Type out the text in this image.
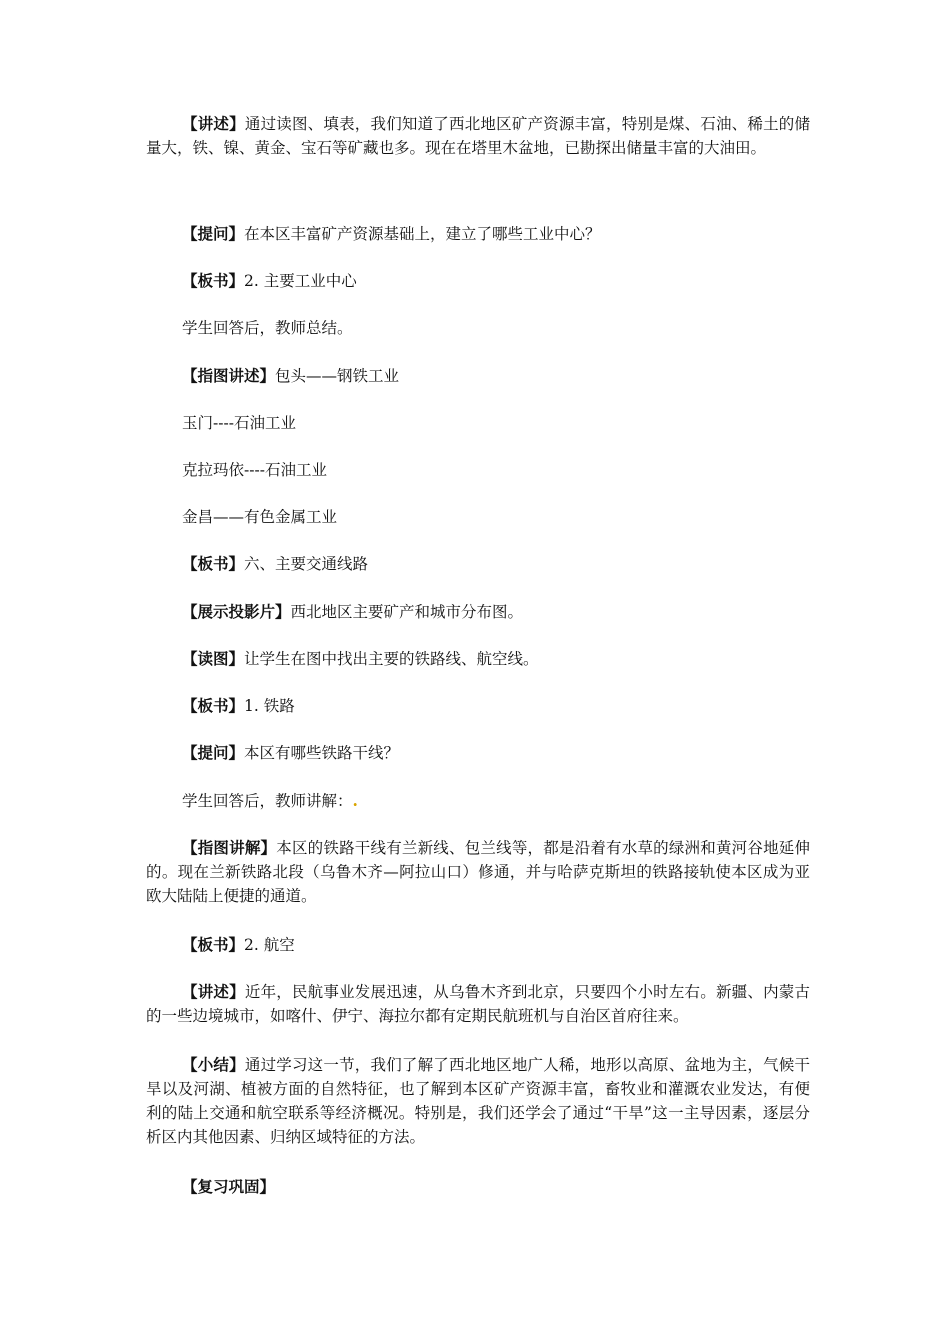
【讲述】通过读图、填表，我们知道了西北地区矿产资源丰富，特别是煤、石油、稀土的储量大，铁、镍、黄金、宝石等矿藏也多。现在在塔里木盆地，已勘探出储量丰富的大油田。

【提问】在本区丰富矿产资源基础上，建立了哪些工业中心？

【板书】2. 主要工业中心

学生回答后，教师总结。

【指图讲述】包头——钢铁工业

玉门----石油工业

克拉玛依----石油工业

金昌——有色金属工业

【板书】六、主要交通线路

【展示投影片】西北地区主要矿产和城市分布图。

【读图】让学生在图中找出主要的铁路线、航空线。

【板书】1. 铁路

【提问】本区有哪些铁路干线？

学生回答后，教师讲解：.

【指图讲解】本区的铁路干线有兰新线、包兰线等，都是沿着有水草的绿洲和黄河谷地延伸的。现在兰新铁路北段（乌鲁木齐—阿拉山口）修通，并与哈萨克斯坦的铁路接轨使本区成为亚欧大陆陆上便捷的通道。

【板书】2. 航空

【讲述】近年，民航事业发展迅速，从乌鲁木齐到北京，只要四个小时左右。新疆、内蒙古的一些边境城市，如喀什、伊宁、海拉尔都有定期民航班机与自治区首府往来。

【小结】通过学习这一节，我们了解了西北地区地广人稀，地形以高原、盆地为主，气候干旱以及河湖、植被方面的自然特征，也了解到本区矿产资源丰富，畜牧业和灌溉农业发达，有便利的陆上交通和航空联系等经济概况。特别是，我们还学会了通过“干旱”这一主导因素，逐层分析区内其他因素、归纳区域特征的方法。

【复习巩固】
